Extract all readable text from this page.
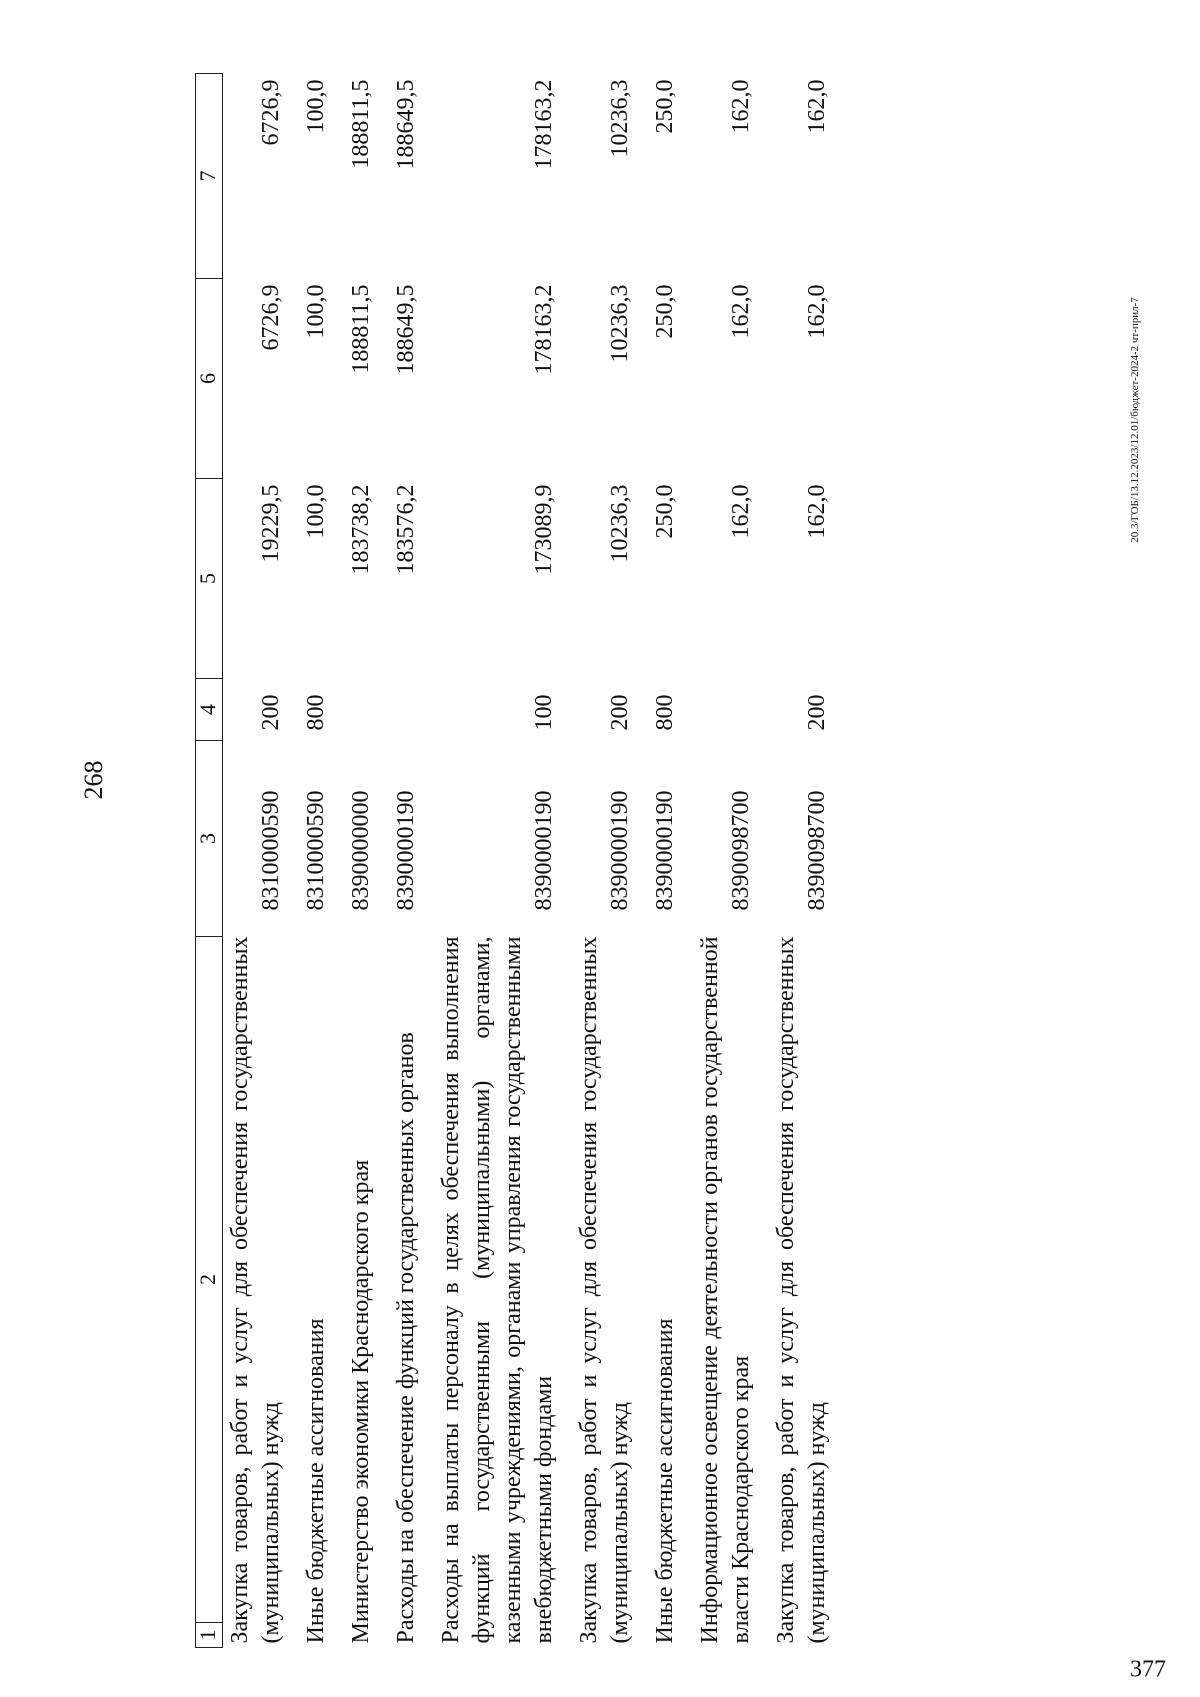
268
20.3/ГОБ/13.12.2023/12.01/бюджет-2024-2 чт-прил-7
377
1	2	3	4	5	6	7
Закупка товаров, работ и услуг для обеспечения государственных (муниципальных) нужд		8310000590	200	19229,5	6726,9	6726,9
Иные бюджетные ассигнования		8310000590	800	100,0	100,0	100,0
Министерство экономики Краснодарского края		8390000000		183738,2	188811,5	188811,5
Расходы на обеспечение функций государственных органов		8390000190		183576,2	188649,5	188649,5
Расходы на выплаты персоналу в целях обеспечения выполнения функций государственными (муниципальными) органами, казенными учреждениями, органами управления государственными внебюджетными фондами		8390000190	100	173089,9	178163,2	178163,2
Закупка товаров, работ и услуг для обеспечения государственных (муниципальных) нужд		8390000190	200	10236,3	10236,3	10236,3
Иные бюджетные ассигнования		8390000190	800	250,0	250,0	250,0
Информационное освещение деятельности органов государственной власти Краснодарского края		8390098700		162,0	162,0	162,0
Закупка товаров, работ и услуг для обеспечения государственных (муниципальных) нужд		8390098700	200	162,0	162,0	162,0
